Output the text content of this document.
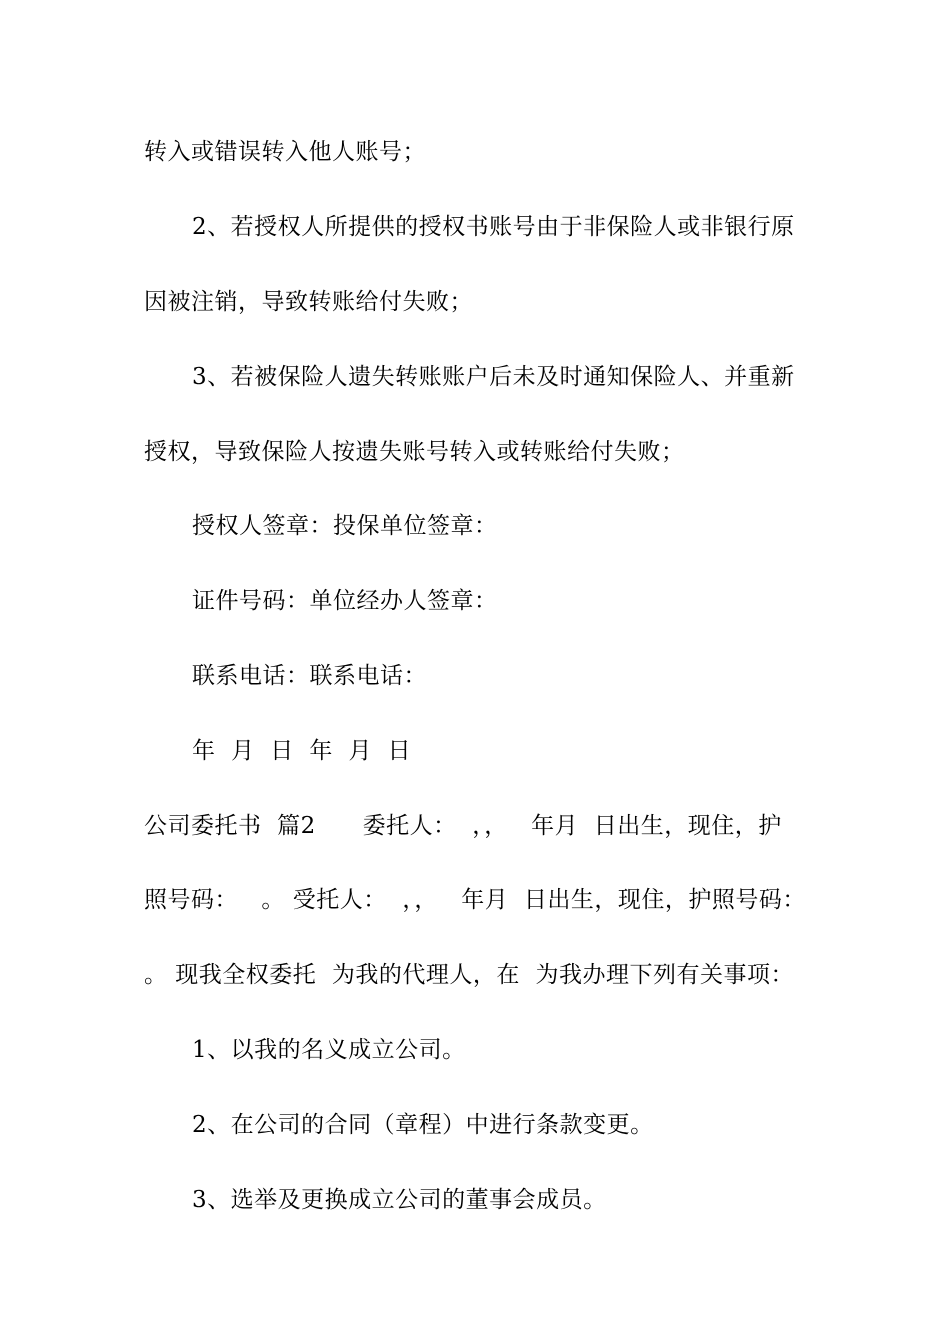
转入或错误转入他人账号；
2、若授权人所提供的授权书账号由于非保险人或非银行原
因被注销，导致转账给付失败；
3、若被保险人遗失转账账户后未及时通知保险人、并重新
授权，导致保险人按遗失账号转入或转账给付失败；
授权人签章：投保单位签章：
证件号码：单位经办人签章：
联系电话：联系电话：
年  月  日  年  月  日
公司委托书  篇2      委托人：  ，，   年月  日出生，现住，护
照号码：   。 受托人：  ，，   年月  日出生，现住，护照号码：
。 现我全权委托  为我的代理人，在  为我办理下列有关事项：
1、以我的名义成立公司。
2、在公司的合同（章程）中进行条款变更。
3、选举及更换成立公司的董事会成员。
